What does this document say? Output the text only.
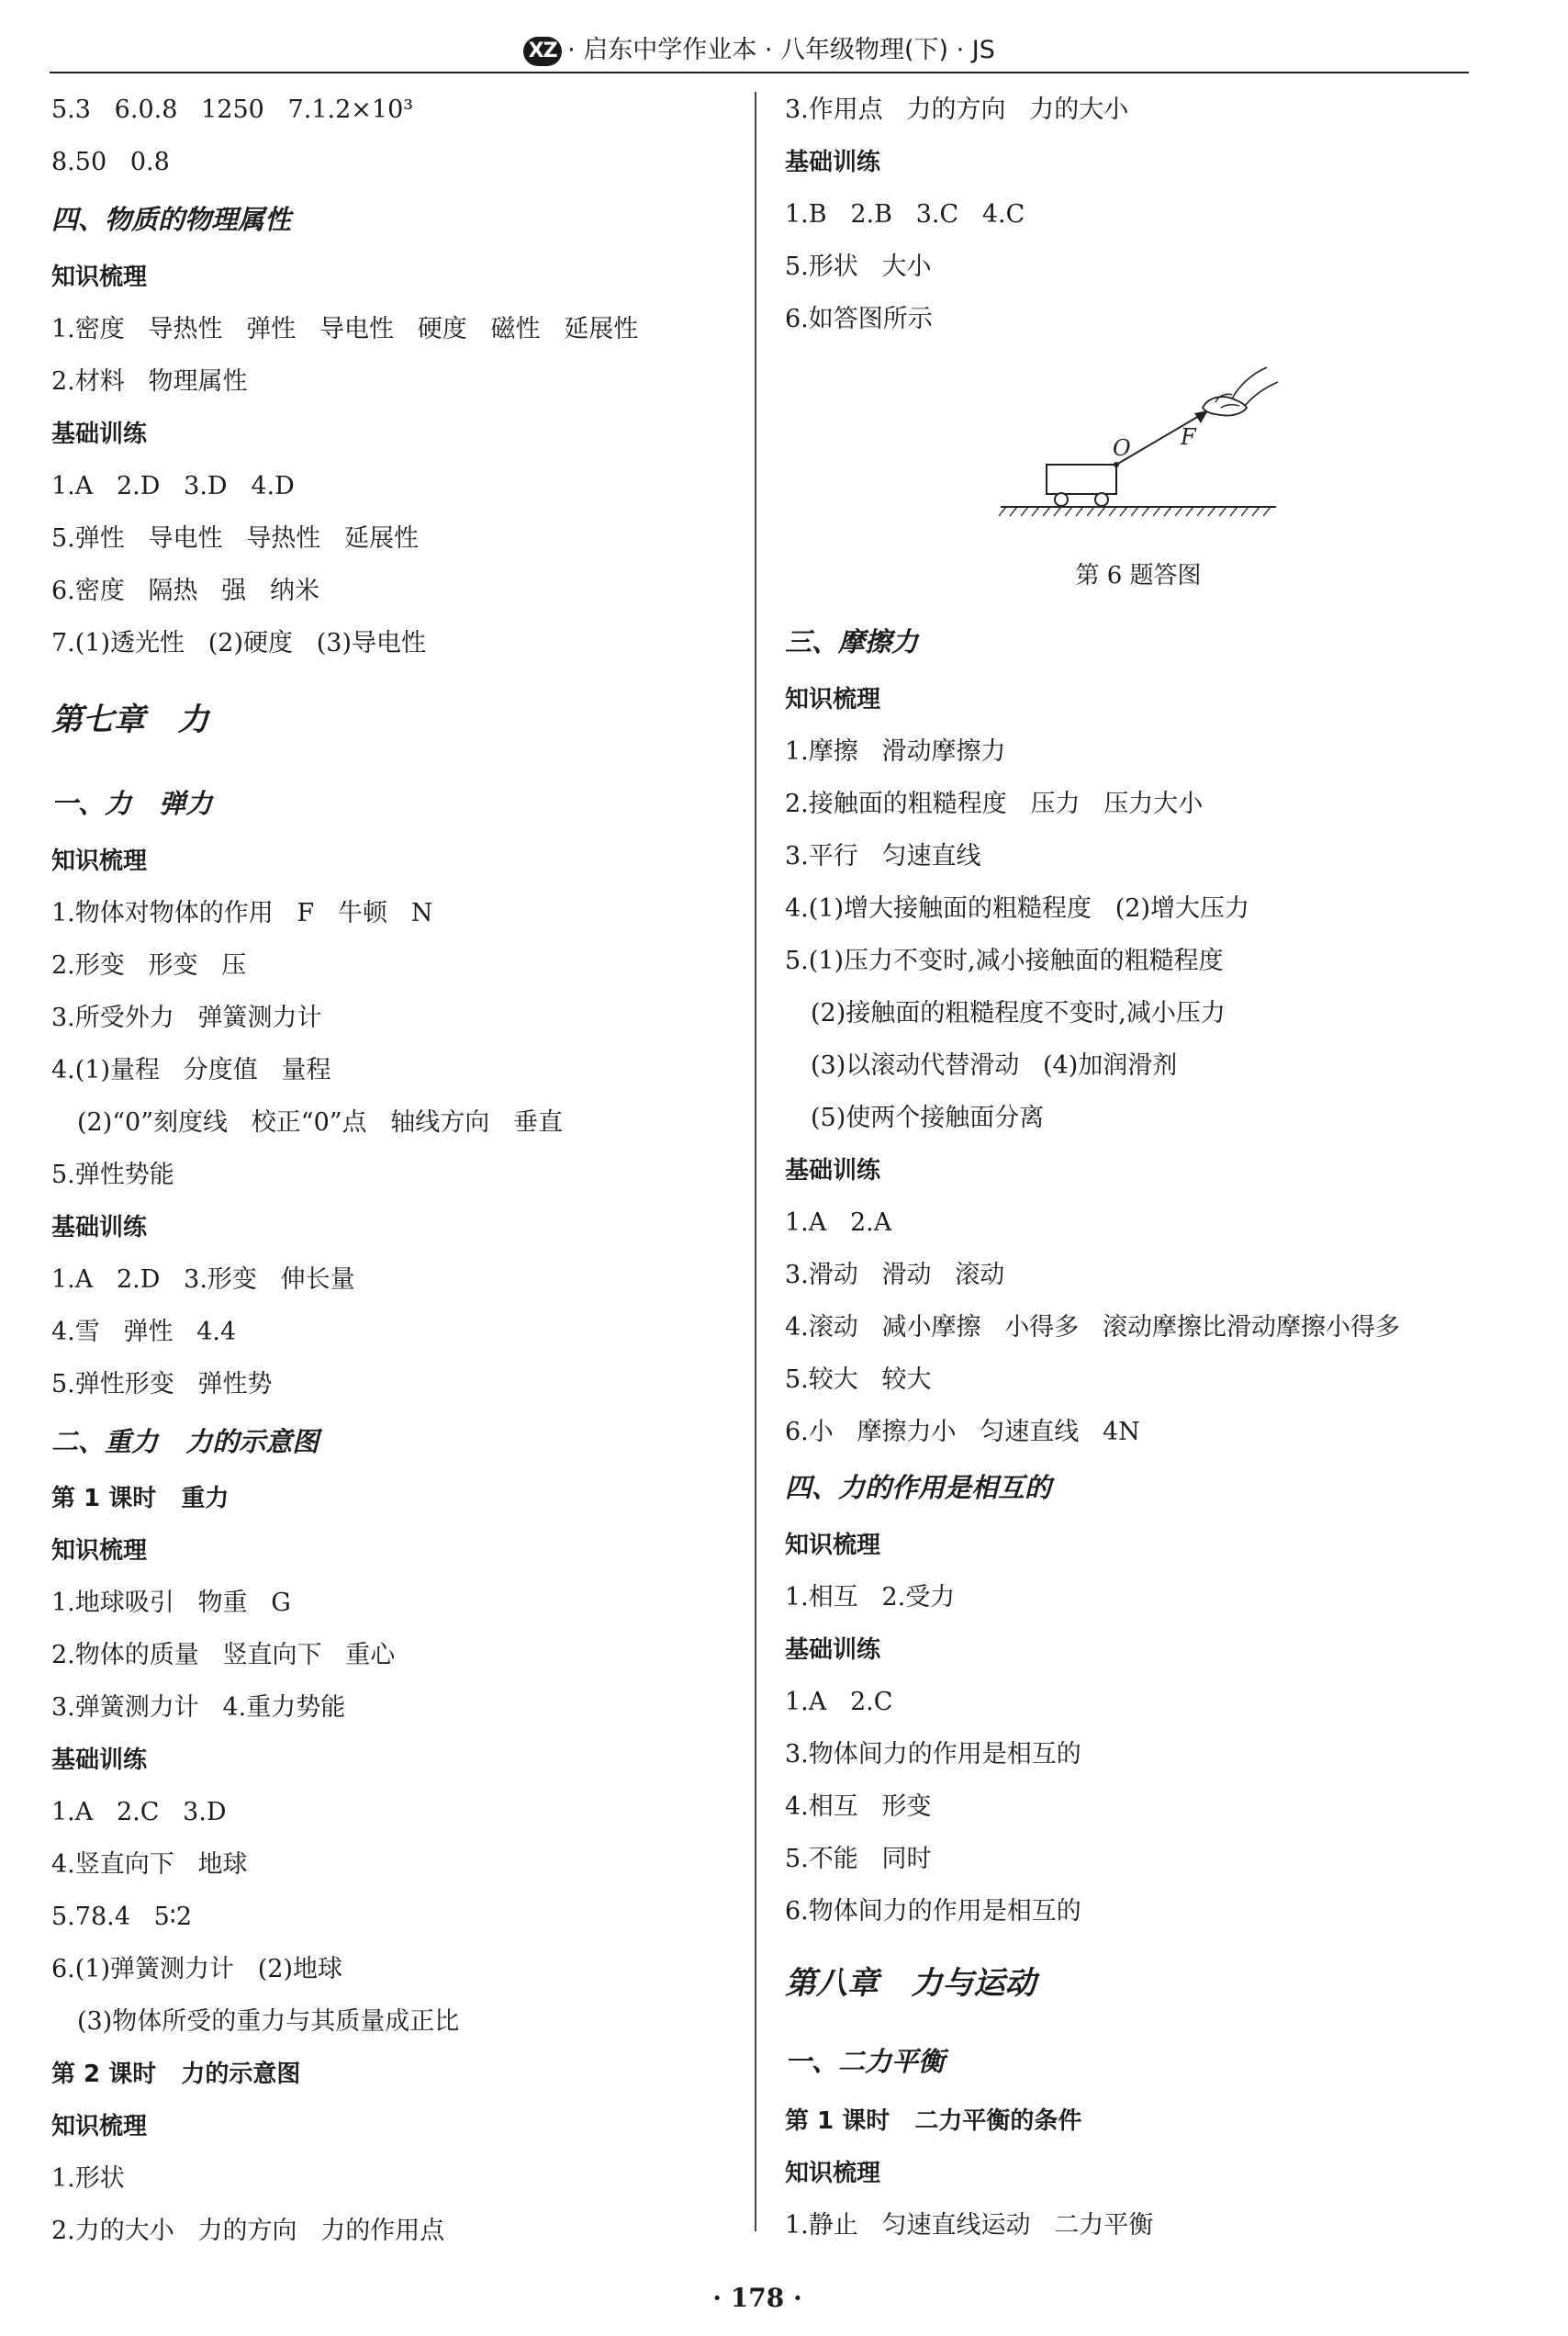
XZ · 启东中学作业本 · 八年级物理(下) · JS
5.3   6.0.8   1250   7.1.2×10³
8.50   0.8
四、物质的物理属性
知识梳理
1.密度   导热性   弹性   导电性   硬度   磁性   延展性
2.材料   物理属性
基础训练
1.A   2.D   3.D   4.D
5.弹性   导电性   导热性   延展性
6.密度   隔热   强   纳米
7.(1)透光性   (2)硬度   (3)导电性
第七章   力
一、力   弹力
知识梳理
1.物体对物体的作用   F   牛顿   N
2.形变   形变   压
3.所受外力   弹簧测力计
4.(1)量程   分度值   量程
(2)“0”刻度线   校正“0”点   轴线方向   垂直
5.弹性势能
基础训练
1.A   2.D   3.形变   伸长量
4.雪   弹性   4.4
5.弹性形变   弹性势
二、重力   力的示意图
第 1 课时   重力
知识梳理
1.地球吸引   物重   G
2.物体的质量   竖直向下   重心
3.弹簧测力计   4.重力势能
基础训练
1.A   2.C   3.D
4.竖直向下   地球
5.78.4   5∶2
6.(1)弹簧测力计   (2)地球
(3)物体所受的重力与其质量成正比
第 2 课时   力的示意图
知识梳理
1.形状
2.力的大小   力的方向   力的作用点
3.作用点   力的方向   力的大小
基础训练
1.B   2.B   3.C   4.C
5.形状   大小
6.如答图所示
三、摩擦力
知识梳理
1.摩擦   滑动摩擦力
2.接触面的粗糙程度   压力   压力大小
3.平行   匀速直线
4.(1)增大接触面的粗糙程度   (2)增大压力
5.(1)压力不变时,减小接触面的粗糙程度
(2)接触面的粗糙程度不变时,减小压力
(3)以滚动代替滑动   (4)加润滑剂
(5)使两个接触面分离
基础训练
1.A   2.A
3.滑动   滑动   滚动
4.滚动   减小摩擦   小得多   滚动摩擦比滑动摩擦小得多
5.较大   较大
6.小   摩擦力小   匀速直线   4N
四、力的作用是相互的
知识梳理
1.相互   2.受力
基础训练
1.A   2.C
3.物体间力的作用是相互的
4.相互   形变
5.不能   同时
6.物体间力的作用是相互的
第八章   力与运动
一、二力平衡
第 1 课时   二力平衡的条件
知识梳理
1.静止   匀速直线运动   二力平衡
O F
第 6 题答图
· 178 ·
